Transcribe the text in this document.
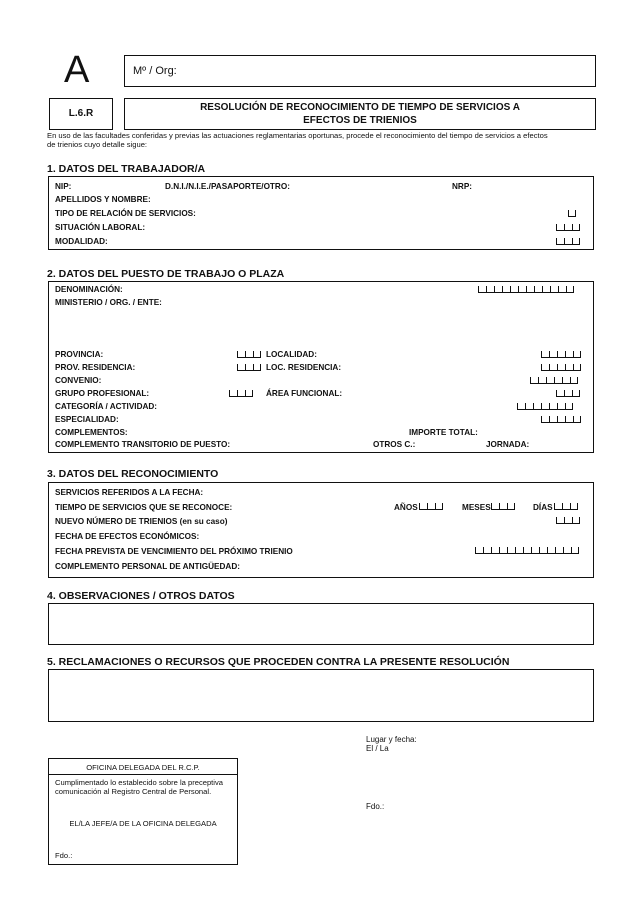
A	Mº / Org:
L.6.R
RESOLUCIÓN DE RECONOCIMIENTO DE TIEMPO DE SERVICIOS A
EFECTOS DE TRIENIOS
En uso de las facultades conferidas y previas las actuaciones reglamentarias oportunas, procede el reconocimiento del tiempo de servicios a efectos
de trienios cuyo detalle sigue:
1. DATOS DEL TRABAJADOR/A
NIP:	D.N.I./N.I.E./PASAPORTE/OTRO:	NRP:
APELLIDOS Y NOMBRE:
TIPO DE RELACIÓN DE SERVICIOS:
SITUACIÓN LABORAL:
MODALIDAD:
2. DATOS DEL PUESTO DE TRABAJO O PLAZA
DENOMINACIÓN:
MINISTERIO / ORG. / ENTE:
PROVINCIA:	LOCALIDAD:
PROV. RESIDENCIA:	LOC. RESIDENCIA:
CONVENIO:
GRUPO PROFESIONAL:	ÁREA FUNCIONAL:
CATEGORÍA / ACTIVIDAD:
ESPECIALIDAD:
COMPLEMENTOS:	IMPORTE TOTAL:
COMPLEMENTO TRANSITORIO DE PUESTO:	OTROS C.:	JORNADA:
3. DATOS DEL RECONOCIMIENTO
SERVICIOS REFERIDOS A LA FECHA:
TIEMPO DE SERVICIOS QUE SE RECONOCE:	AÑOS	MESES	DÍAS
NUEVO NÚMERO DE TRIENIOS (en su caso)
FECHA DE EFECTOS ECONÓMICOS:
FECHA PREVISTA DE VENCIMIENTO DEL PRÓXIMO TRIENIO
COMPLEMENTO PERSONAL DE ANTIGÜEDAD:
4. OBSERVACIONES / OTROS DATOS
5. RECLAMACIONES O RECURSOS QUE PROCEDEN CONTRA LA PRESENTE RESOLUCIÓN
Lugar y fecha:
El / La
Fdo.:
OFICINA DELEGADA DEL R.C.P.
Cumplimentado lo establecido sobre la preceptiva
comunicación al Registro Central de Personal.
EL/LA JEFE/A DE LA OFICINA DELEGADA
Fdo.:
